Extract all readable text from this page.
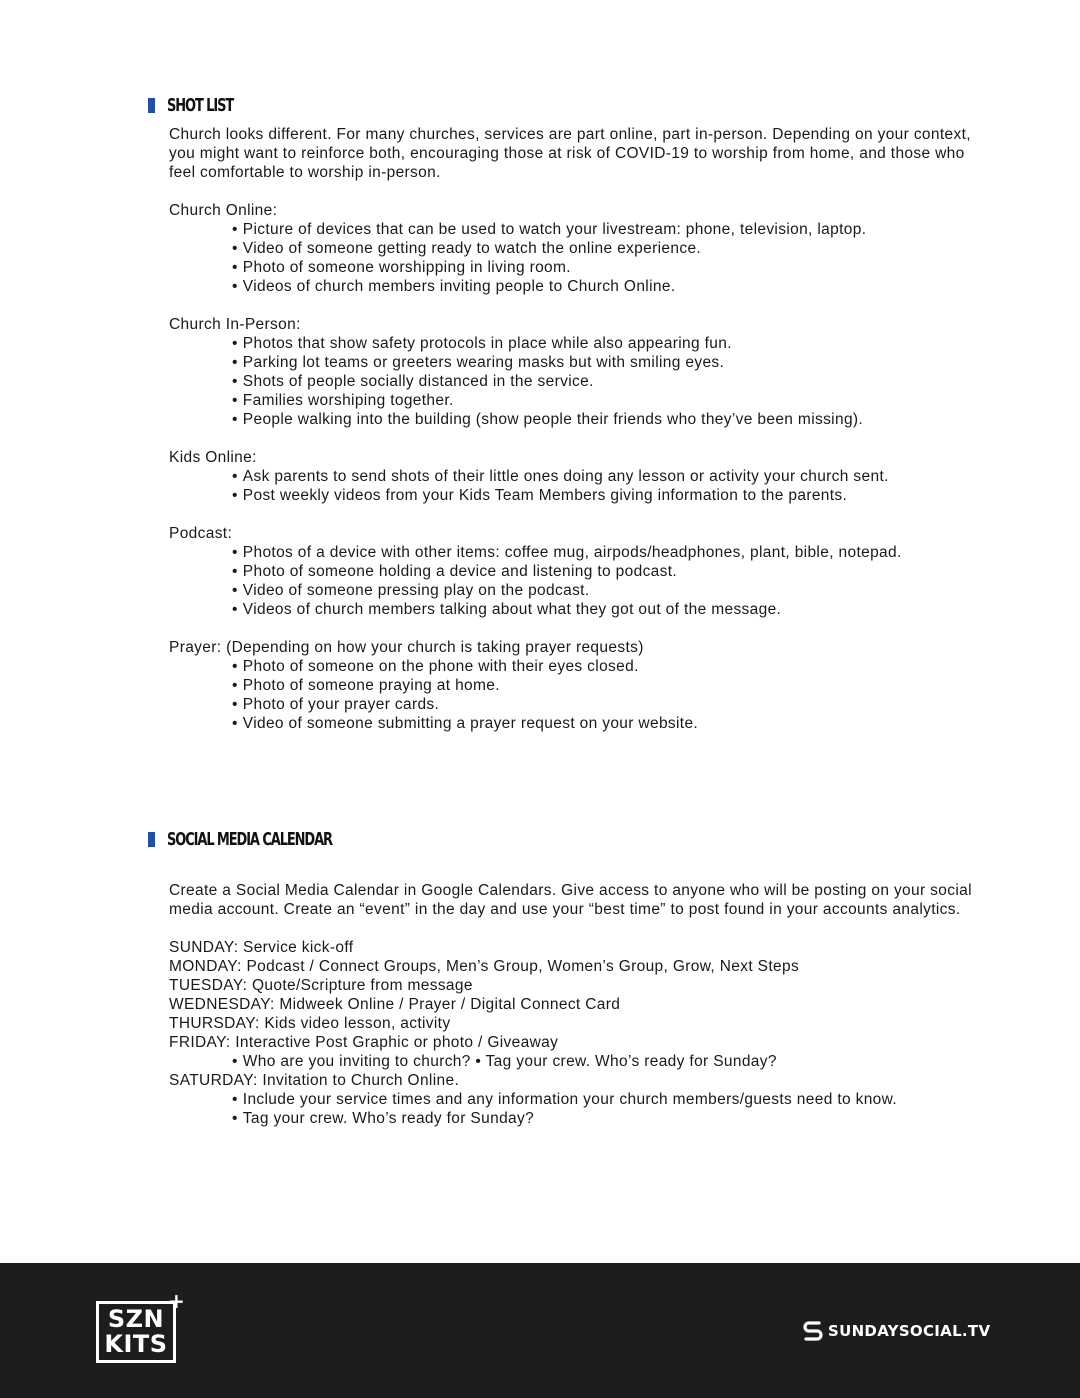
SHOT LIST

Church looks different. For many churches, services are part online, part in-person. Depending on your context, you might want to reinforce both, encouraging those at risk of COVID-19 to worship from home, and those who feel comfortable to worship in-person.

Church Online:

• Picture of devices that can be used to watch your livestream: phone, television, laptop.
• Video of someone getting ready to watch the online experience.
• Photo of someone worshipping in living room.
• Videos of church members inviting people to Church Online.

Church In-Person:

• Photos that show safety protocols in place while also appearing fun.
• Parking lot teams or greeters wearing masks but with smiling eyes.
• Shots of people socially distanced in the service.
• Families worshiping together.
• People walking into the building (show people their friends who they’ve been missing).

Kids Online:

• Ask parents to send shots of their little ones doing any lesson or activity your church sent.
• Post weekly videos from your Kids Team Members giving information to the parents.

Podcast:

• Photos of a device with other items: coffee mug, airpods/headphones, plant, bible, notepad.
• Photo of someone holding a device and listening to podcast.
• Video of someone pressing play on the podcast.
• Videos of church members talking about what they got out of the message.

Prayer: (Depending on how your church is taking prayer requests)

• Photo of someone on the phone with their eyes closed.
• Photo of someone praying at home.
• Photo of your prayer cards.
• Video of someone submitting a prayer request on your website.
SOCIAL MEDIA CALENDAR

Create a Social Media Calendar in Google Calendars. Give access to anyone who will be posting on your social media account. Create an “event” in the day and use your “best time” to post found in your accounts analytics.

SUNDAY: Service kick-off

MONDAY: Podcast / Connect Groups, Men’s Group, Women’s Group, Grow, Next Steps

TUESDAY: Quote/Scripture from message

WEDNESDAY: Midweek Online / Prayer / Digital Connect Card

THURSDAY: Kids video lesson, activity

FRIDAY: Interactive Post Graphic or photo / Giveaway

• Who are you inviting to church? • Tag your crew. Who’s ready for Sunday?

SATURDAY: Invitation to Church Online.

• Include your service times and any information your church members/guests need to know.
• Tag your crew. Who’s ready for Sunday?
SZN
KITS
+
SUNDAYSOCIAL.TV
